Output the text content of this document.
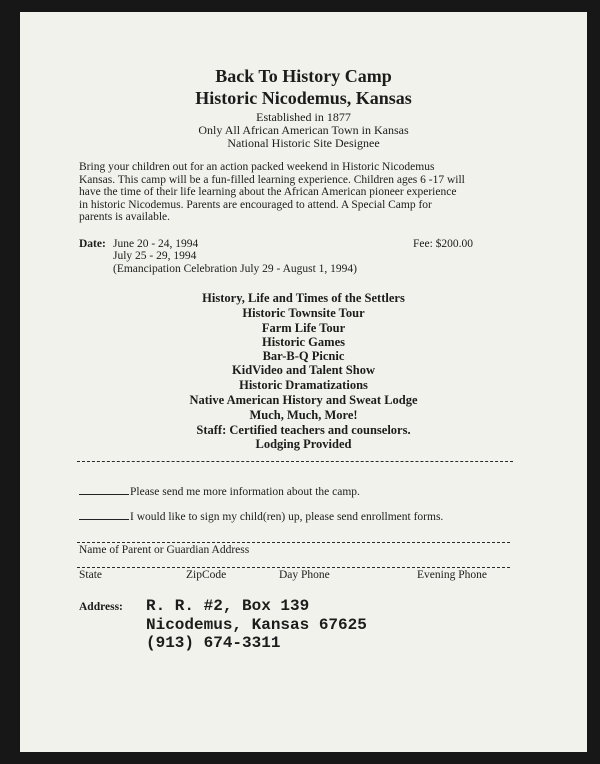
Back To History Camp
Historic Nicodemus, Kansas
Established in 1877
Only All African American Town in Kansas
National Historic Site Designee
Bring your children out for an action packed weekend in Historic Nicodemus
Kansas. This camp will be a fun-filled learning experience. Children ages 6 -17 will
have the time of their life learning about the African American pioneer experience
in historic Nicodemus. Parents are encouraged to attend. A Special Camp for
parents is available.
Date: June 20 - 24, 1994
July 25 - 29, 1994
(Emancipation Celebration July 29 - August 1, 1994)
Fee: $200.00
History, Life and Times of the Settlers
Historic Townsite Tour
Farm Life Tour
Historic Games
Bar-B-Q Picnic
KidVideo and Talent Show
Historic Dramatizations
Native American History and Sweat Lodge
Much, Much, More!
Staff: Certified teachers and counselors.
Lodging Provided
Please send me more information about the camp.
I would like to sign my child(ren) up, please send enrollment forms.
Name of Parent or Guardian Address
State	ZipCode	Day Phone	Evening Phone
Address: R. R. #2, Box 139
Nicodemus, Kansas 67625
(913) 674-3311
